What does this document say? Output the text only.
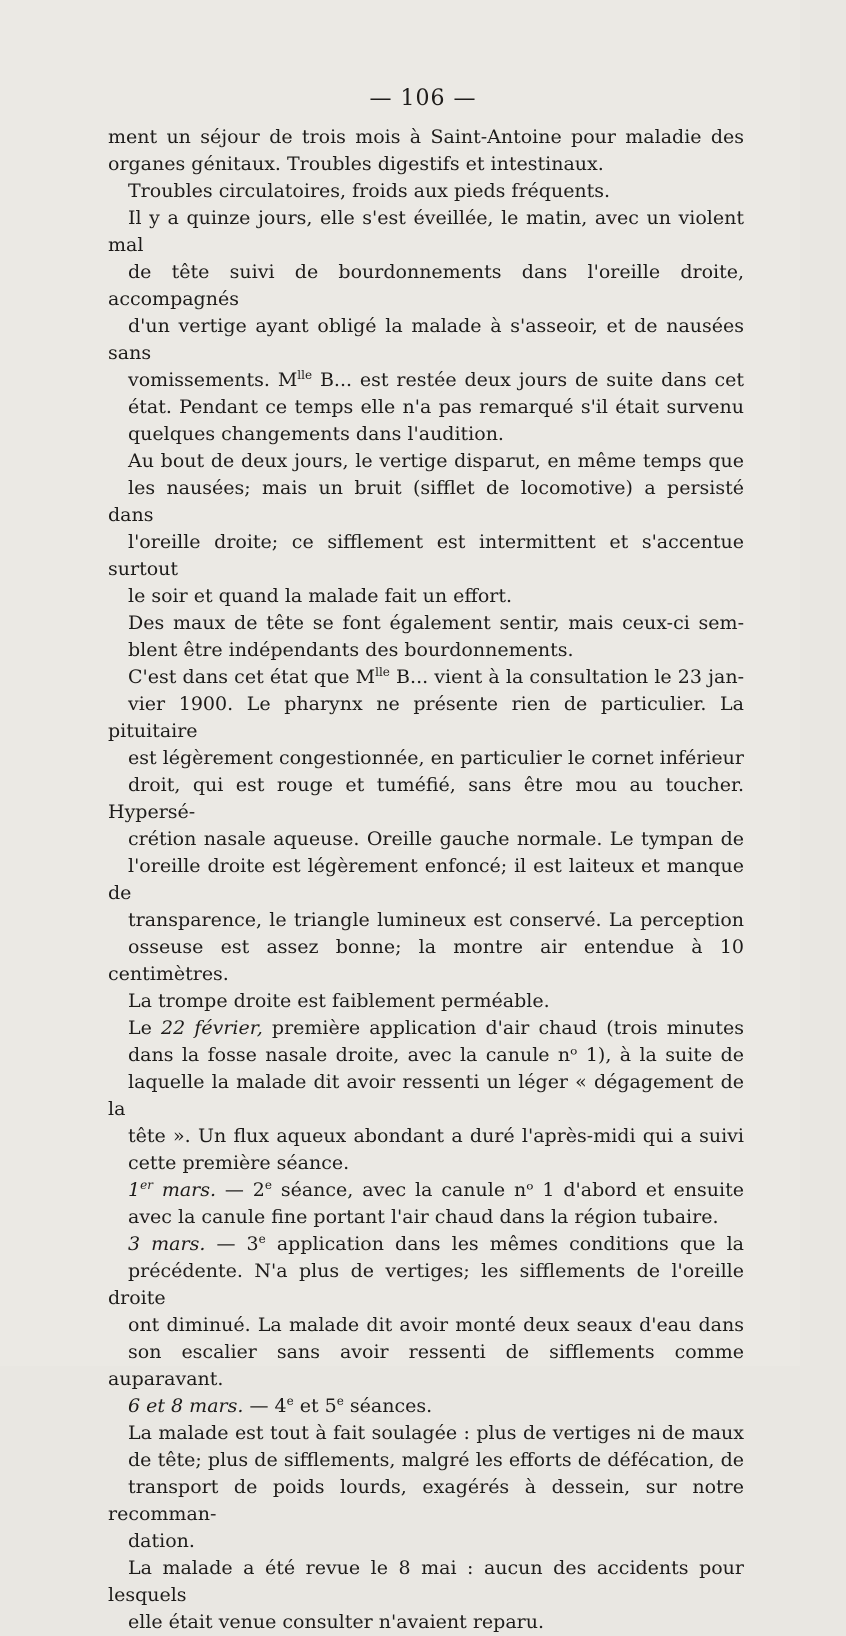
— 106 —

ment un séjour de trois mois à Saint-Antoine pour maladie des
organes génitaux. Troubles digestifs et intestinaux.

Troubles circulatoires, froids aux pieds fréquents.

Il y a quinze jours, elle s'est éveillée, le matin, avec un violent mal
de tête suivi de bourdonnements dans l'oreille droite, accompagnés
d'un vertige ayant obligé la malade à s'asseoir, et de nausées sans
vomissements. $M^{lle}$ B... est restée deux jours de suite dans cet
état. Pendant ce temps elle n'a pas remarqué s'il était survenu
quelques changements dans l'audition.

Au bout de deux jours, le vertige disparut, en même temps que
les nausées; mais un bruit (sifflet de locomotive) a persisté dans
l'oreille droite; ce sifflement est intermittent et s'accentue surtout
le soir et quand la malade fait un effort.

Des maux de tête se font également sentir, mais ceux-ci sem-
blent être indépendants des bourdonnements.

C'est dans cet état que $M^{lle}$ B... vient à la consultation le 23 jan-
vier 1900. Le pharynx ne présente rien de particulier. La pituitaire
est légèrement congestionnée, en particulier le cornet inférieur
droit, qui est rouge et tuméfié, sans être mou au toucher. Hypersé-
crétion nasale aqueuse. Oreille gauche normale. Le tympan de
l'oreille droite est légèrement enfoncé; il est laiteux et manque de
transparence, le triangle lumineux est conservé. La perception
osseuse est assez bonne; la montre air entendue à 10 centimètres.
La trompe droite est faiblement perméable.

Le 22 février, première application d'air chaud (trois minutes
dans la fosse nasale droite, avec la canule nᵒ 1), à la suite de
laquelle la malade dit avoir ressenti un léger « dégagement de la
tête ». Un flux aqueux abondant a duré l'après-midi qui a suivi
cette première séance.

1er mars. — 2e séance, avec la canule nᵒ 1 d'abord et ensuite
avec la canule fine portant l'air chaud dans la région tubaire.

3 mars. — 3e application dans les mêmes conditions que la
précédente. N'a plus de vertiges; les sifflements de l'oreille droite
ont diminué. La malade dit avoir monté deux seaux d'eau dans
son escalier sans avoir ressenti de sifflements comme auparavant.

6 et 8 mars. — 4e et 5e séances.

La malade est tout à fait soulagée : plus de vertiges ni de maux
de tête; plus de sifflements, malgré les efforts de défécation, de
transport de poids lourds, exagérés à dessein, sur notre recomman-
dation.

La malade a été revue le 8 mai : aucun des accidents pour lesquels
elle était venue consulter n'avaient reparu.
